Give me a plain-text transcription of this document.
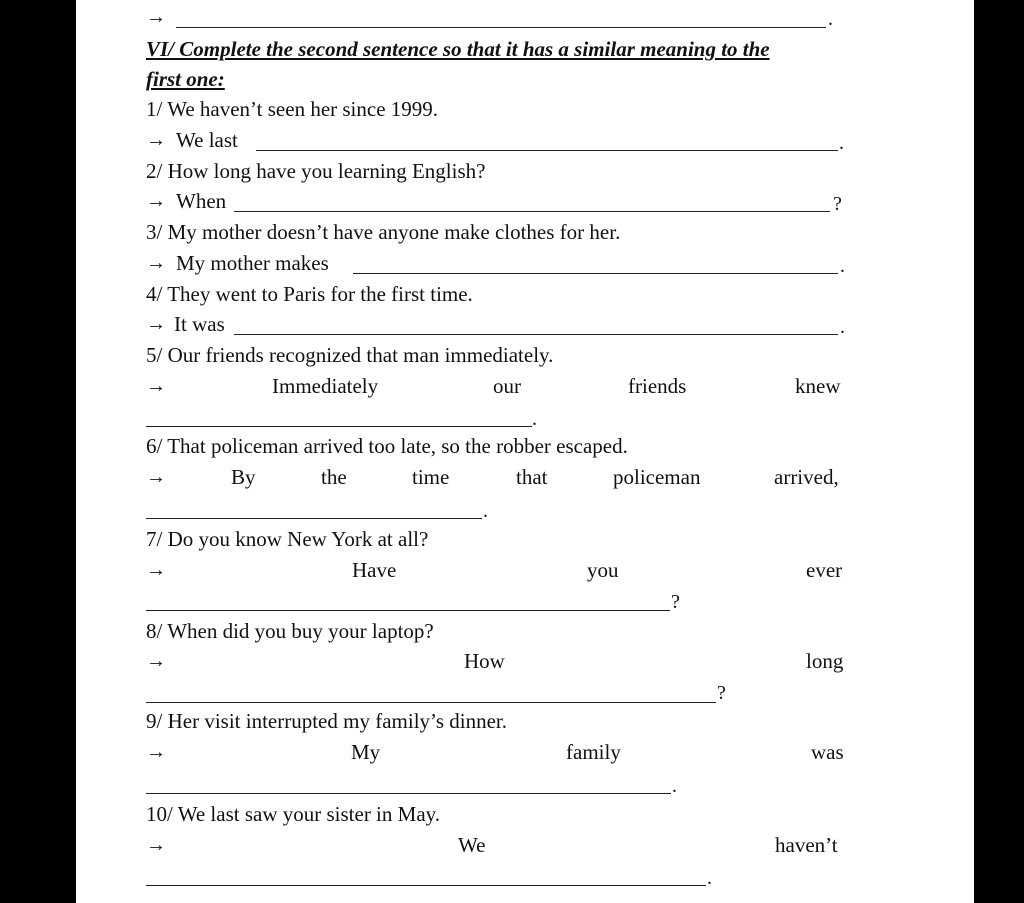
→	.
VI/ Complete the second sentence so that it has a similar meaning to the
first one:
1/ We haven’t seen her since 1999.
→ We last	.
2/ How long have you learning English?
→ When	?
3/ My mother doesn’t have anyone make clothes for her.
→ My mother makes	.
4/ They went to Paris for the first time.
→ It was	.
5/ Our friends recognized that man immediately.
→	Immediately	our	friends	knew
.
6/ That policeman arrived too late, so the robber escaped.
→	By	the	time	that	policeman	arrived,
.
7/ Do you know New York at all?
→	Have	you	ever
?
8/ When did you buy your laptop?
→	How	long
?
9/ Her visit interrupted my family’s dinner.
→	My	family	was
.
10/ We last saw your sister in May.
→	We	haven’t
.
